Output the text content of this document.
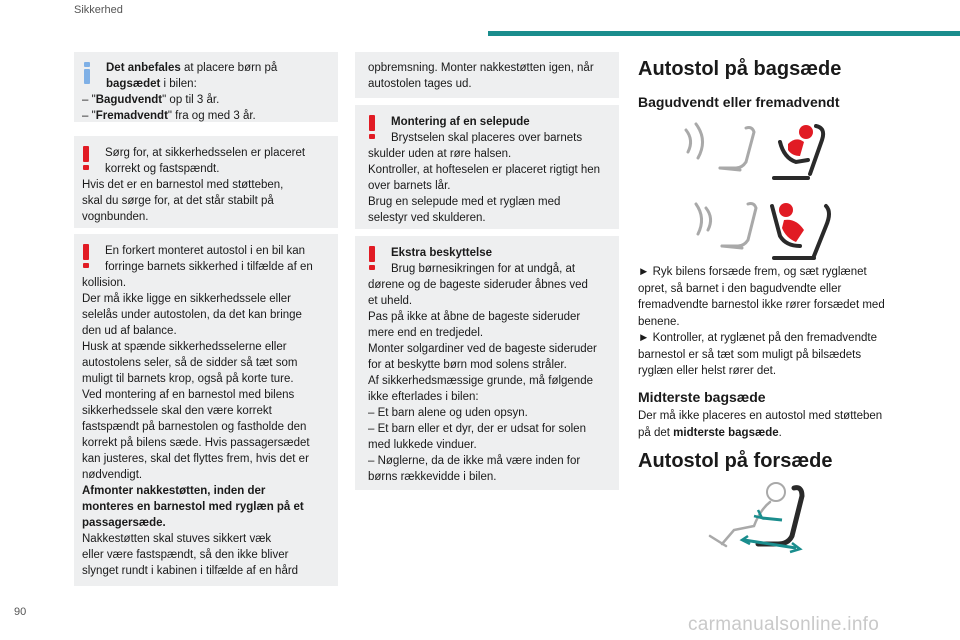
Sikkerhed

Det anbefales at placere børn på

bagsædet i bilen:

– "Bagudvendt" op til 3 år.

– "Fremadvendt" fra og med 3 år.

Sørg for, at sikkerhedsselen er placeret

korrekt og fastspændt.

Hvis det er en barnestol med støtteben,

skal du sørge for, at det står stabilt på

vognbunden.

En forkert monteret autostol i en bil kan

forringe barnets sikkerhed i tilfælde af en

kollision.

Der må ikke ligge en sikkerhedssele eller

selelås under autostolen, da det kan bringe

den ud af balance.

Husk at spænde sikkerhedsselerne eller

autostolens seler, så de sidder så tæt som

muligt til barnets krop, også på korte ture.

Ved montering af en barnestol med bilens

sikkerhedssele skal den være korrekt

fastspændt på barnestolen og fastholde den

korrekt på bilens sæde. Hvis passagersædet

kan justeres, skal det flyttes frem, hvis det er

nødvendigt.

Afmonter nakkestøtten, inden der

monteres en barnestol med ryglæn på et

passagersæde.

Nakkestøtten skal stuves sikkert væk

eller være fastspændt, så den ikke bliver

slynget rundt i kabinen i tilfælde af en hård

opbremsning. Monter nakkestøtten igen, når

autostolen tages ud.

Montering af en selepude

Brystselen skal placeres over barnets

skulder uden at røre halsen.

Kontroller, at hofteselen er placeret rigtigt hen

over barnets lår.

Brug en selepude med et ryglæn med

selestyr ved skulderen.

Ekstra beskyttelse

Brug børnesikringen for at undgå, at

dørene og de bageste sideruder åbnes ved

et uheld.

Pas på ikke at åbne de bageste sideruder

mere end en tredjedel.

Monter solgardiner ved de bageste sideruder

for at beskytte børn mod solens stråler.

Af sikkerhedsmæssige grunde, må følgende

ikke efterlades i bilen:

– Et barn alene og uden opsyn.

– Et barn eller et dyr, der er udsat for solen

med lukkede vinduer.

– Nøglerne, da de ikke må være inden for

børns rækkevidde i bilen.

Autostol på bagsæde
Bagudvendt eller fremadvendt

► Ryk bilens forsæde frem, og sæt ryglænet

opret, så barnet i den bagudvendte eller

fremadvendte barnestol ikke rører forsædet med

benene.

► Kontroller, at ryglænet på den fremadvendte

barnestol er så tæt som muligt på bilsædets

ryglæn eller helst rører det.

Midterste bagsæde

Der må ikke placeres en autostol med støtteben

på det midterste bagsæde.

Autostol på forsæde
90
carmanualsonline.info
